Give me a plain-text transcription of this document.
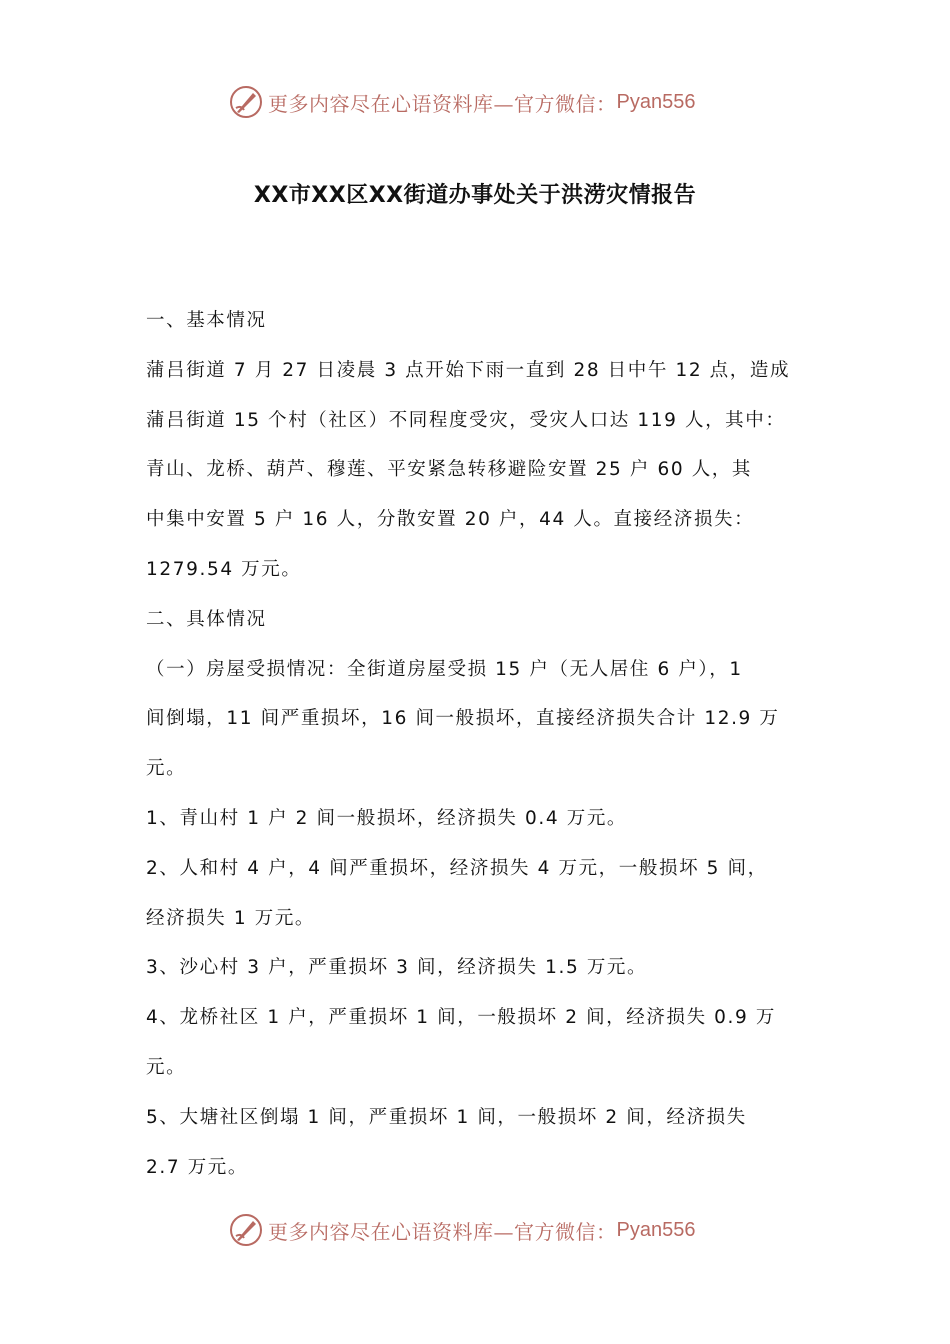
更多内容尽在心语资料库—官方微信： Pyan556
XX市XX区XX街道办事处关于洪涝灾情报告
一、基本情况
蒲吕街道 7 月 27 日凌晨 3 点开始下雨一直到 28 日中午 12 点，造成
蒲吕街道 15 个村（社区）不同程度受灾，受灾人口达 119 人，其中：
青山、龙桥、葫芦、穆莲、平安紧急转移避险安置 25 户 60 人，其
中集中安置 5 户 16 人，分散安置 20 户，44 人。直接经济损失：
1279.54 万元。
二、具体情况
（一）房屋受损情况：全街道房屋受损 15 户（无人居住 6 户），1
间倒塌，11 间严重损坏，16 间一般损坏，直接经济损失合计 12.9 万
元。
1、青山村 1 户 2 间一般损坏，经济损失 0.4 万元。
2、人和村 4 户，4 间严重损坏，经济损失 4 万元，一般损坏 5 间，
经济损失 1 万元。
3、沙心村 3 户，严重损坏 3 间，经济损失 1.5 万元。
4、龙桥社区 1 户，严重损坏 1 间，一般损坏 2 间，经济损失 0.9 万
元。
5、大塘社区倒塌 1 间，严重损坏 1 间，一般损坏 2 间，经济损失
2.7 万元。
更多内容尽在心语资料库—官方微信： Pyan556
